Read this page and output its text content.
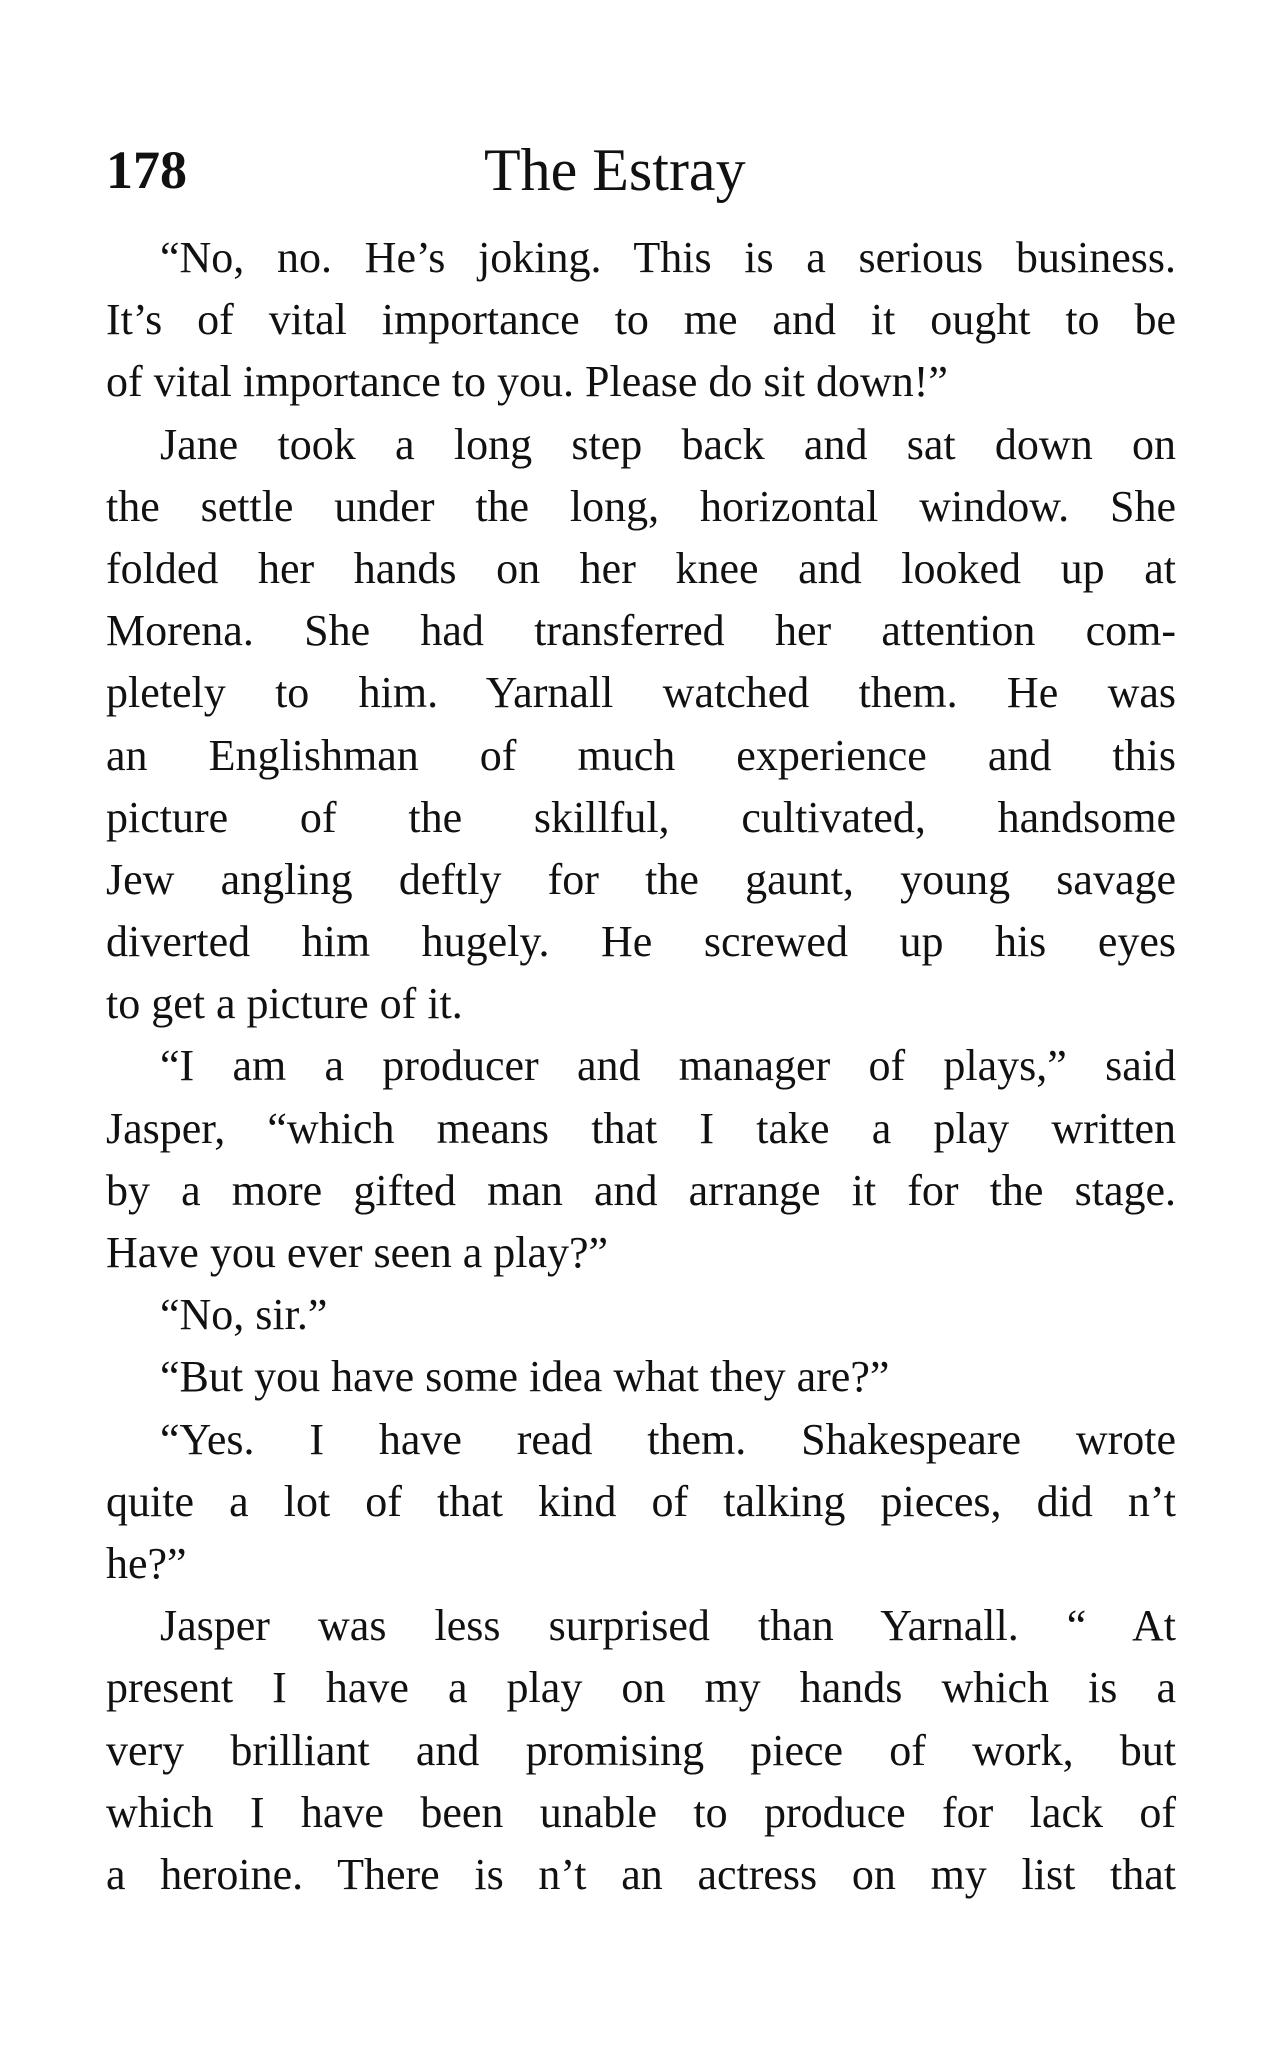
178	The Estray
“No, no. He’s joking. This is a serious business.
It’s of vital importance to me and it ought to be
of vital importance to you. Please do sit down!”
Jane took a long step back and sat down on
the settle under the long, horizontal window. She
folded her hands on her knee and looked up at
Morena. She had transferred her attention com-
pletely to him. Yarnall watched them. He was
an Englishman of much experience and this
picture of the skillful, cultivated, handsome
Jew angling deftly for the gaunt, young savage
diverted him hugely. He screwed up his eyes
to get a picture of it.
“I am a producer and manager of plays,” said
Jasper, “which means that I take a play written
by a more gifted man and arrange it for the stage.
Have you ever seen a play?”
“No, sir.”
“But you have some idea what they are?”
“Yes. I have read them. Shakespeare wrote
quite a lot of that kind of talking pieces, did n’t
he?”
Jasper was less surprised than Yarnall. “ At
present I have a play on my hands which is a
very brilliant and promising piece of work, but
which I have been unable to produce for lack of
a heroine. There is n’t an actress on my list that
